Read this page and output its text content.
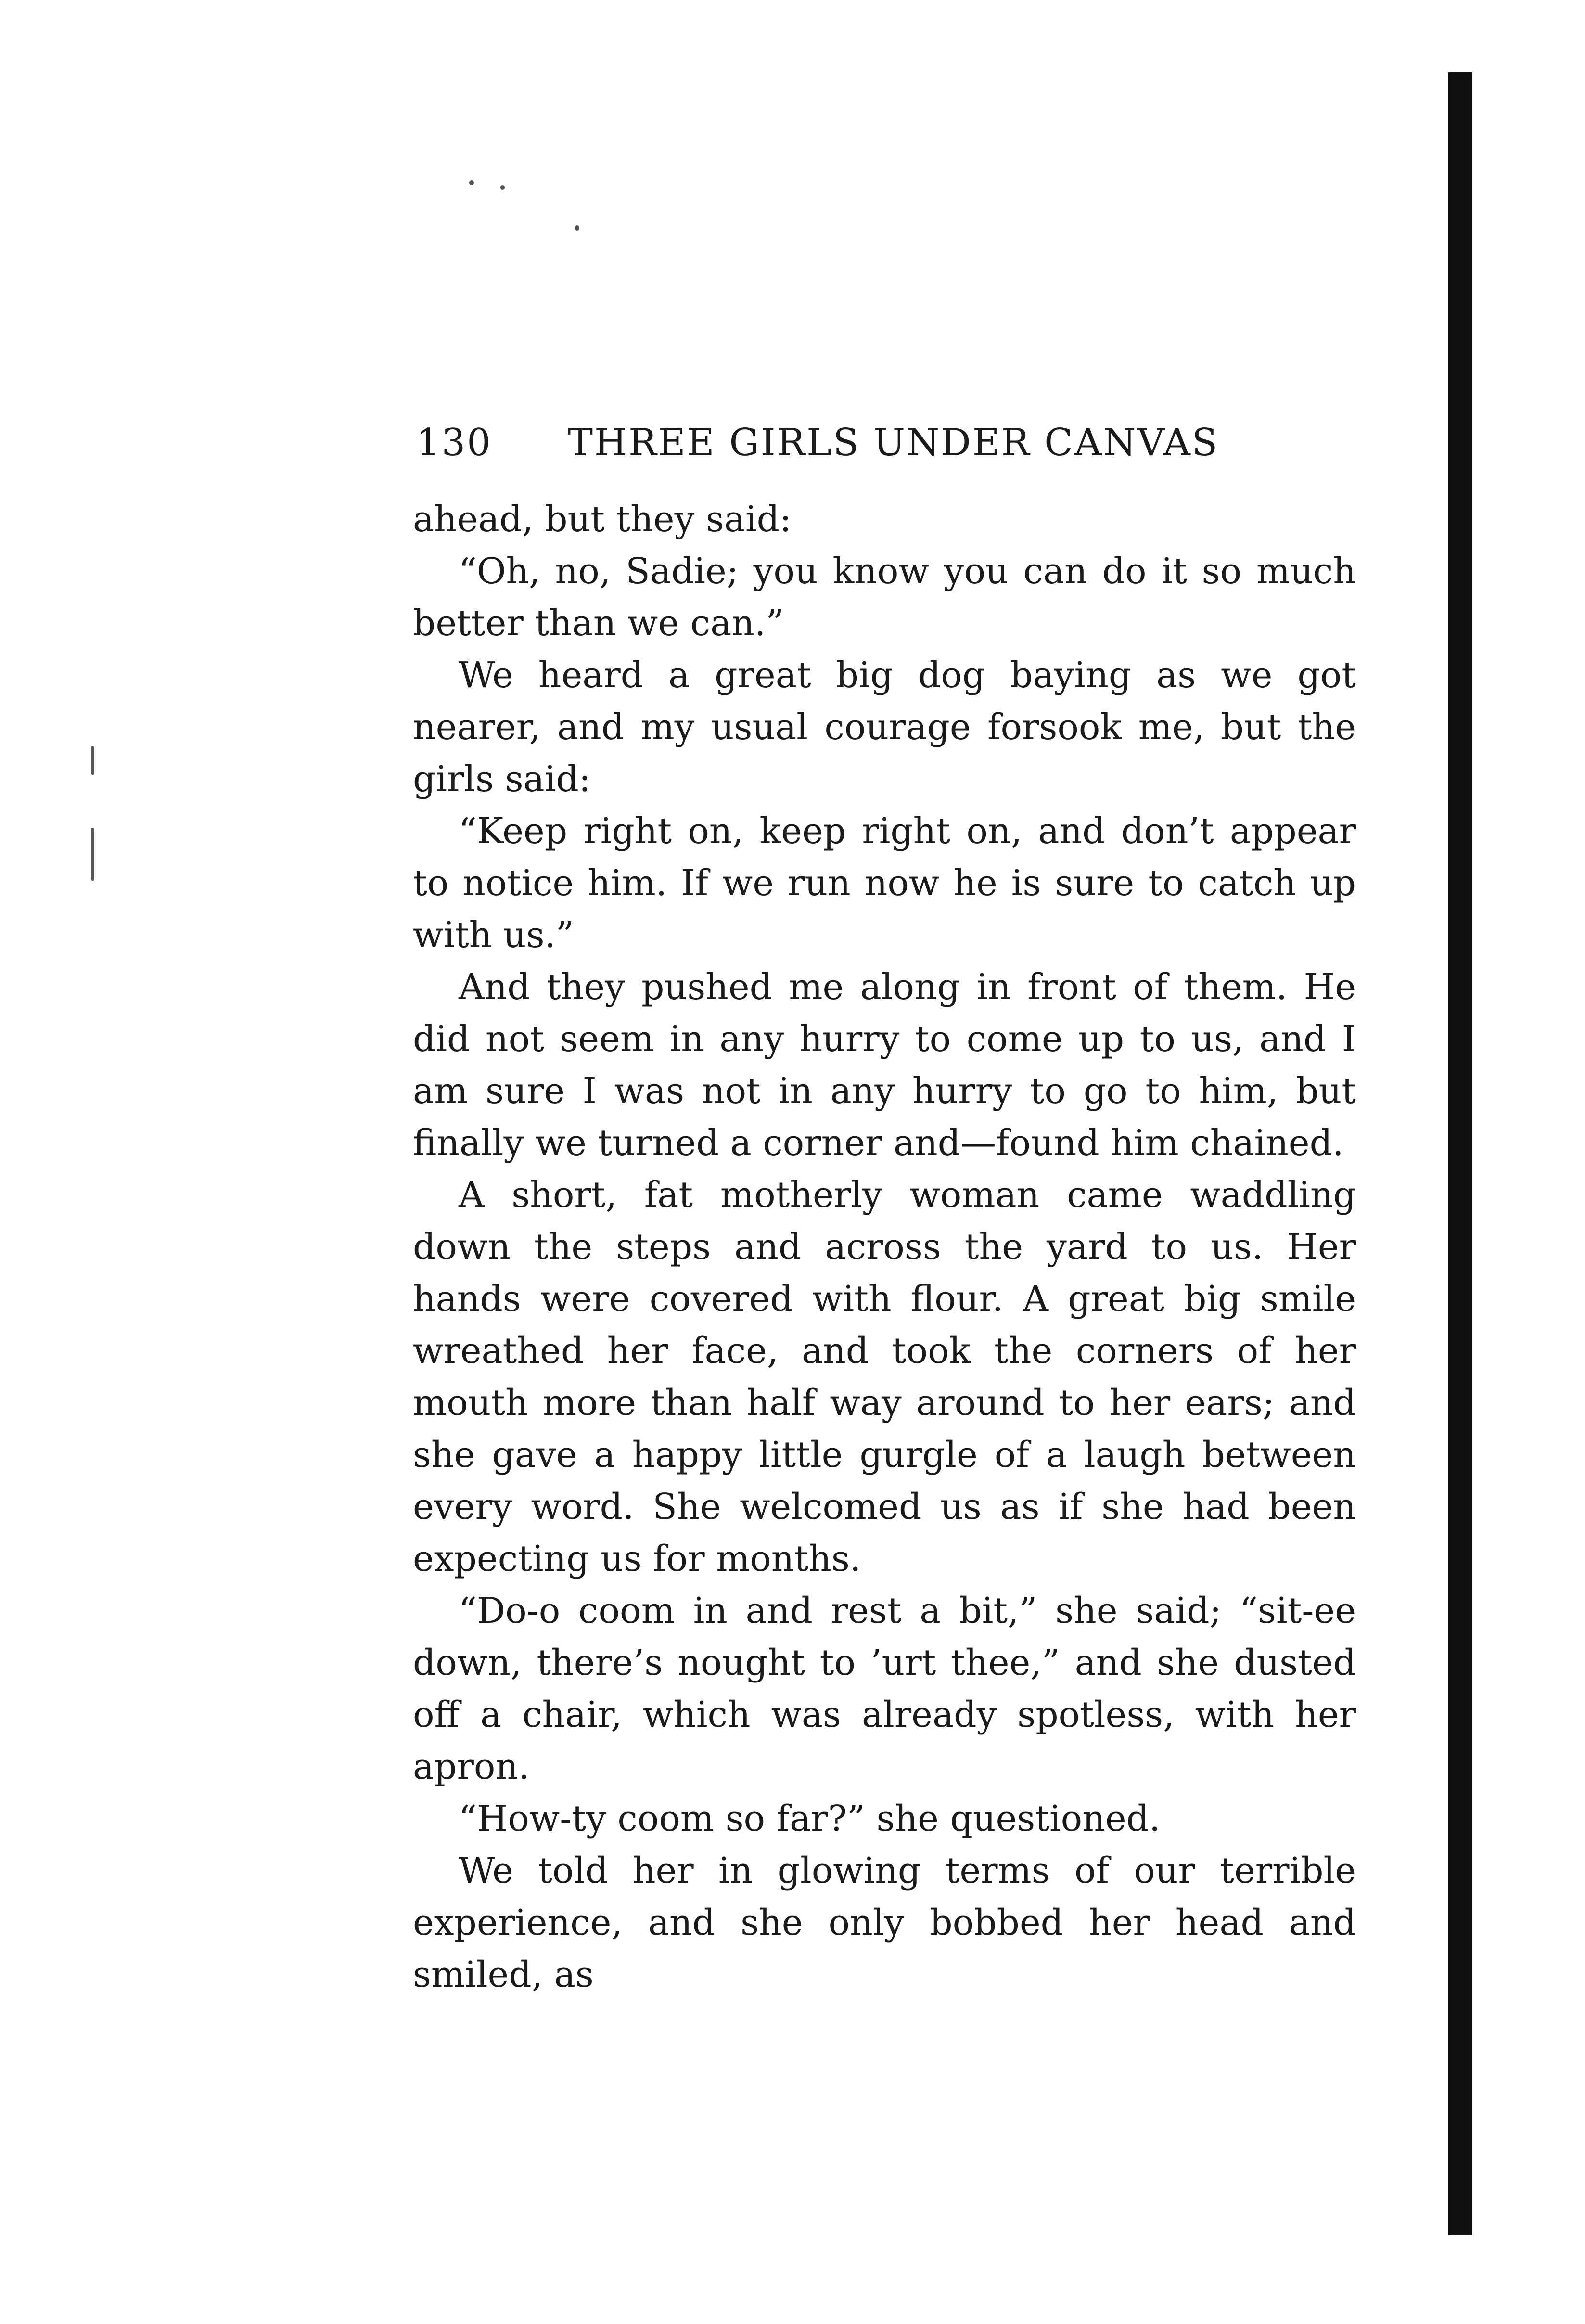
130 THREE GIRLS UNDER CANVAS

ahead, but they said:

“Oh, no, Sadie; you know you can do it so much better than we can.”

We heard a great big dog baying as we got nearer, and my usual courage forsook me, but the girls said:

“Keep right on, keep right on, and don’t appear to notice him. If we run now he is sure to catch up with us.”

And they pushed me along in front of them. He did not seem in any hurry to come up to us, and I am sure I was not in any hurry to go to him, but finally we turned a corner and—found him chained.

A short, fat motherly woman came waddling down the steps and across the yard to us. Her hands were covered with flour. A great big smile wreathed her face, and took the corners of her mouth more than half way around to her ears; and she gave a happy little gurgle of a laugh between every word. She welcomed us as if she had been expecting us for months.

“Do-o coom in and rest a bit,” she said; “sit-ee down, there’s nought to ’urt thee,” and she dusted off a chair, which was already spotless, with her apron.

“How-ty coom so far?” she questioned.

We told her in glowing terms of our terrible experience, and she only bobbed her head and smiled, as
